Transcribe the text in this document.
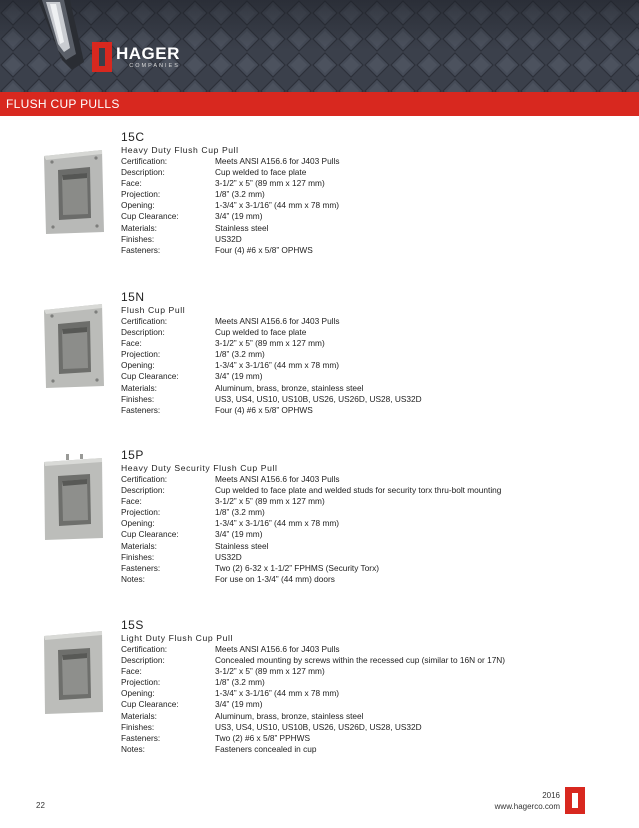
HAGER
COMPANIES
FLUSH CUP PULLS
15C
Heavy Duty Flush Cup Pull
Certification:	Meets ANSI A156.6 for J403 Pulls
Description:	Cup welded to face plate
Face:	3-1/2” x 5” (89 mm x 127 mm)
Projection:	1/8” (3.2 mm)
Opening:	1-3/4” x 3-1/16” (44 mm x 78 mm)
Cup Clearance:	3/4” (19 mm)
Materials:	Stainless steel
Finishes:	US32D
Fasteners:	Four (4) #6 x 5/8” OPHWS
15N
Flush Cup Pull
Certification:	Meets ANSI A156.6 for J403 Pulls
Description:	Cup welded to face plate
Face:	3-1/2” x 5” (89 mm x 127 mm)
Projection:	1/8” (3.2 mm)
Opening:	1-3/4” x 3-1/16” (44 mm x 78 mm)
Cup Clearance:	3/4” (19 mm)
Materials:	Aluminum, brass, bronze, stainless steel
Finishes:	US3, US4, US10, US10B, US26, US26D, US28, US32D
Fasteners:	Four (4) #6 x 5/8” OPHWS
15P
Heavy Duty Security Flush Cup Pull
Certification:	Meets ANSI A156.6 for J403 Pulls
Description:	Cup welded to face plate and welded studs for security torx thru-bolt mounting
Face:	3-1/2” x 5” (89 mm x 127 mm)
Projection:	1/8” (3.2 mm)
Opening:	1-3/4” x 3-1/16” (44 mm x 78 mm)
Cup Clearance:	3/4” (19 mm)
Materials:	Stainless steel
Finishes:	US32D
Fasteners:	Two (2) 6-32 x 1-1/2” FPHMS (Security Torx)
Notes:	For use on 1-3/4” (44 mm) doors
15S
Light Duty Flush Cup Pull
Certification:	Meets ANSI A156.6 for J403 Pulls
Description:	Concealed mounting by screws within the recessed cup (similar to 16N or 17N)
Face:	3-1/2” x 5” (89 mm x 127 mm)
Projection:	1/8” (3.2 mm)
Opening:	1-3/4” x 3-1/16” (44 mm x 78 mm)
Cup Clearance:	3/4” (19 mm)
Materials:	Aluminum, brass, bronze, stainless steel
Finishes:	US3, US4, US10, US10B, US26, US26D, US28, US32D
Fasteners:	Two (2) #6 x 5/8” PPHWS
Notes:	Fasteners concealed in cup
22
2016
www.hagerco.com
